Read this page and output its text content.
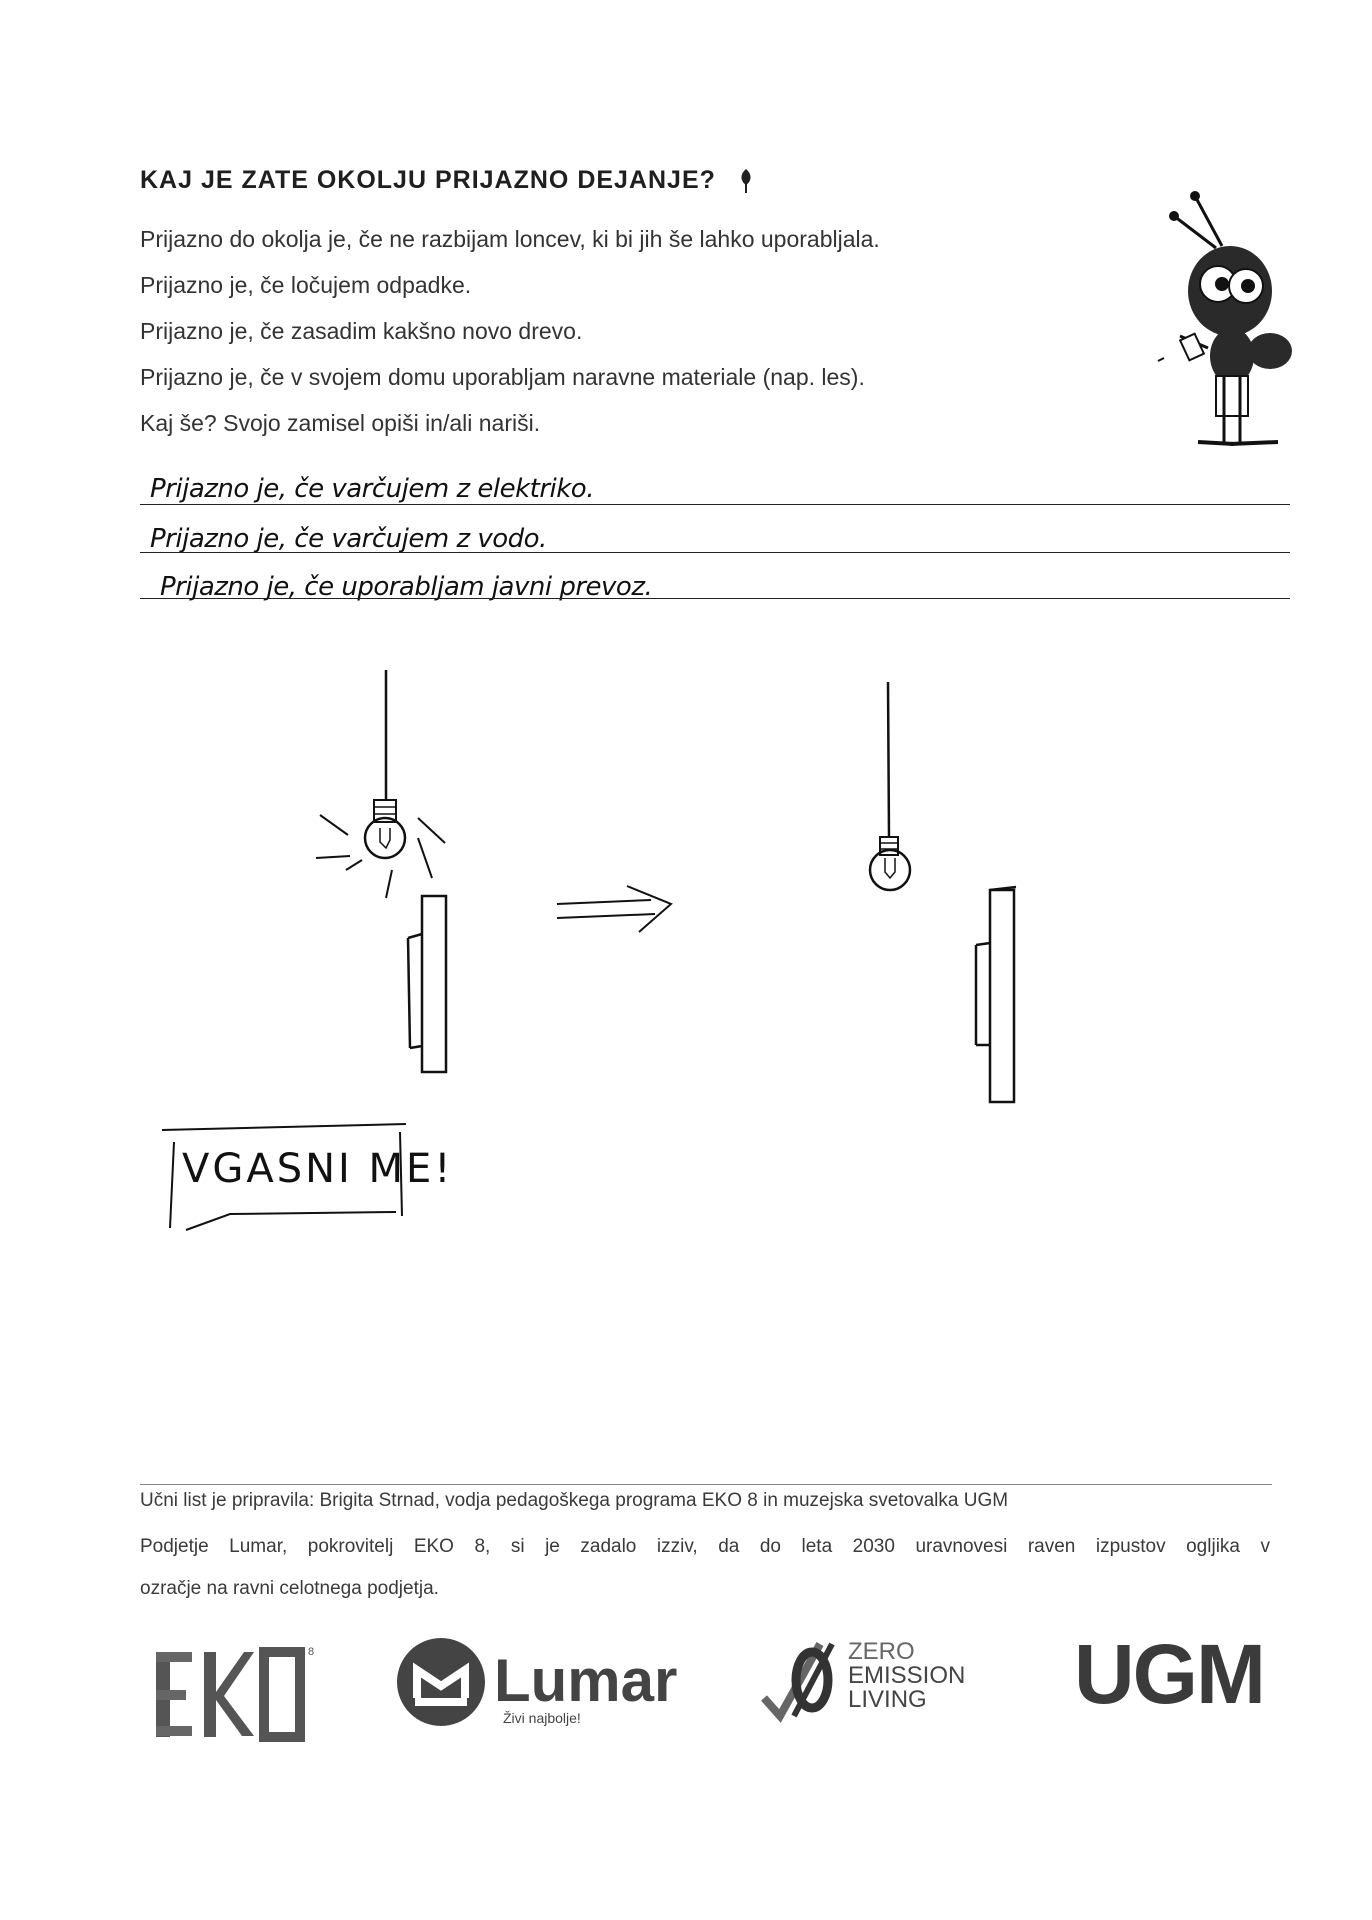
KAJ JE ZATE OKOLJU PRIJAZNO DEJANJE?
Prijazno do okolja je, če ne razbijam loncev, ki bi jih še lahko uporabljala.
Prijazno je, če ločujem odpadke.
Prijazno je, če zasadim kakšno novo drevo.
Prijazno je, če v svojem domu uporabljam naravne materiale (nap. les).
Kaj še? Svojo zamisel opiši in/ali nariši.
Prijazno je, če varčujem z elektriko.
Prijazno je, če varčujem z vodo.
Prijazno je, če uporabljam javni prevoz.
VGASNI ME!
Učni list je pripravila: Brigita Strnad, vodja pedagoškega programa EKO 8 in muzejska svetovalka UGM
Podjetje Lumar, pokrovitelj EKO 8, si je zadalo izziv, da do leta 2030 uravnovesi raven izpustov ogljika v
ozračje na ravni celotnega podjetja.
8	Lumar
Živi najbolje!
ZERO
EMISSION
LIVING	UGM
